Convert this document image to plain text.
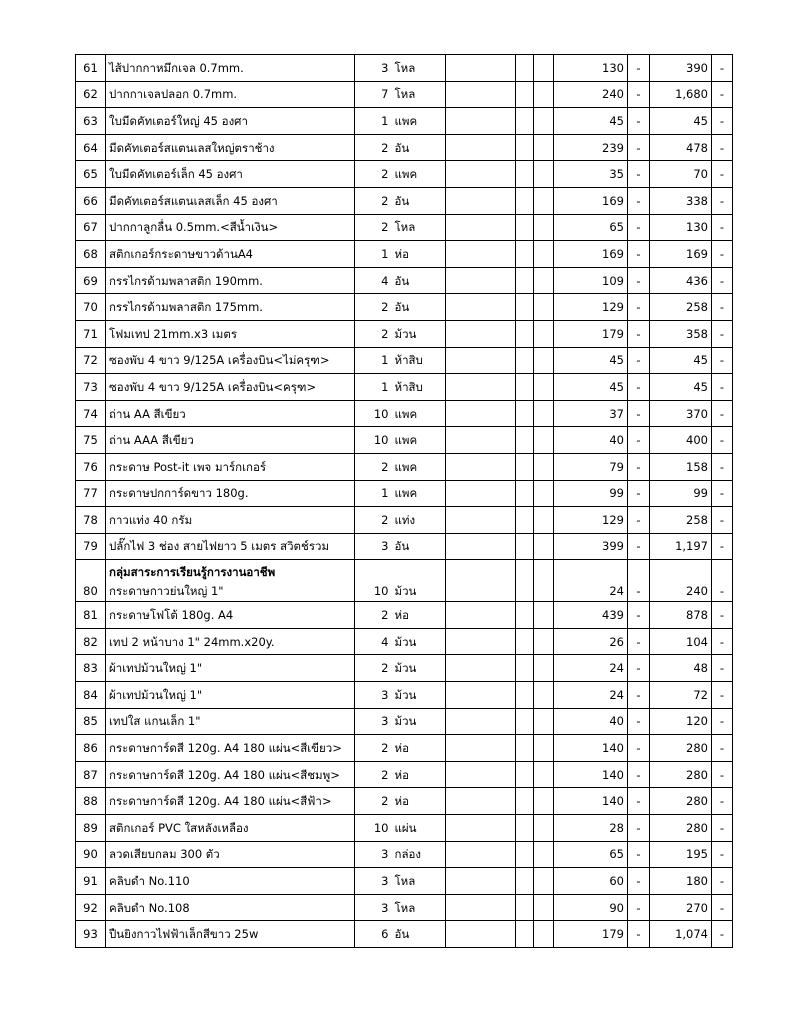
61	ไส้ปากกาหมึกเจล 0.7mm.	3	โหล				130	-	390	-
62	ปากกาเจลปลอก 0.7mm.	7	โหล				240	-	1,680	-
63	ใบมีดคัทเตอร์ใหญ่ 45 องศา	1	แพค				45	-	45	-
64	มีดคัทเตอร์สแตนเลสใหญ่ตราช้าง	2	อัน				239	-	478	-
65	ใบมีดคัทเตอร์เล็ก 45 องศา	2	แพค				35	-	70	-
66	มีดคัทเตอร์สแตนเลสเล็ก 45 องศา	2	อัน				169	-	338	-
67	ปากกาลูกลื่น 0.5mm.<สีน้ำเงิน>	2	โหล				65	-	130	-
68	สติกเกอร์กระดาษขาวด้านA4	1	ห่อ				169	-	169	-
69	กรรไกรด้ามพลาสติก 190mm.	4	อัน				109	-	436	-
70	กรรไกรด้ามพลาสติก 175mm.	2	อัน				129	-	258	-
71	โฟมเทป 21mm.x3 เมตร	2	ม้วน				179	-	358	-
72	ซองพับ 4 ขาว 9/125A เครื่องบิน<ไม่ครุฑ>	1	ห้าสิบ				45	-	45	-
73	ซองพับ 4 ขาว 9/125A เครื่องบิน<ครุฑ>	1	ห้าสิบ				45	-	45	-
74	ถ่าน AA สีเขียว	10	แพค				37	-	370	-
75	ถ่าน AAA สีเขียว	10	แพค				40	-	400	-
76	กระดาษ Post-it เพจ มาร์กเกอร์	2	แพค				79	-	158	-
77	กระดาษปกการ์ดขาว 180g.	1	แพค				99	-	99	-
78	กาวแท่ง 40 กรัม	2	แท่ง				129	-	258	-
79	ปลั๊กไฟ 3 ช่อง สายไฟยาว 5 เมตร สวิตช์รวม	3	อัน				399	-	1,197	-
80	กลุ่มสาระการเรียนรู้การงานอาชีพ
กระดาษกาวย่นใหญ่ 1"	10	ม้วน				24	-	240	-
81	กระดาษโฟโต้ 180g. A4	2	ห่อ				439	-	878	-
82	เทป 2 หน้าบาง 1" 24mm.x20y.	4	ม้วน				26	-	104	-
83	ผ้าเทปม้วนใหญ่ 1"	2	ม้วน				24	-	48	-
84	ผ้าเทปม้วนใหญ่ 1"	3	ม้วน				24	-	72	-
85	เทปใส แกนเล็ก 1"	3	ม้วน				40	-	120	-
86	กระดาษการ์ดสี 120g. A4 180 แผ่น<สีเขียว>	2	ห่อ				140	-	280	-
87	กระดาษการ์ดสี 120g. A4 180 แผ่น<สีชมพู>	2	ห่อ				140	-	280	-
88	กระดาษการ์ดสี 120g. A4 180 แผ่น<สีฟ้า>	2	ห่อ				140	-	280	-
89	สติกเกอร์ PVC ใสหลังเหลือง	10	แผ่น				28	-	280	-
90	ลวดเสียบกลม 300 ตัว	3	กล่อง				65	-	195	-
91	คลิบดำ No.110	3	โหล				60	-	180	-
92	คลิบดำ No.108	3	โหล				90	-	270	-
93	ปืนยิงกาวไฟฟ้าเล็กสีขาว 25w	6	อัน				179	-	1,074	-
